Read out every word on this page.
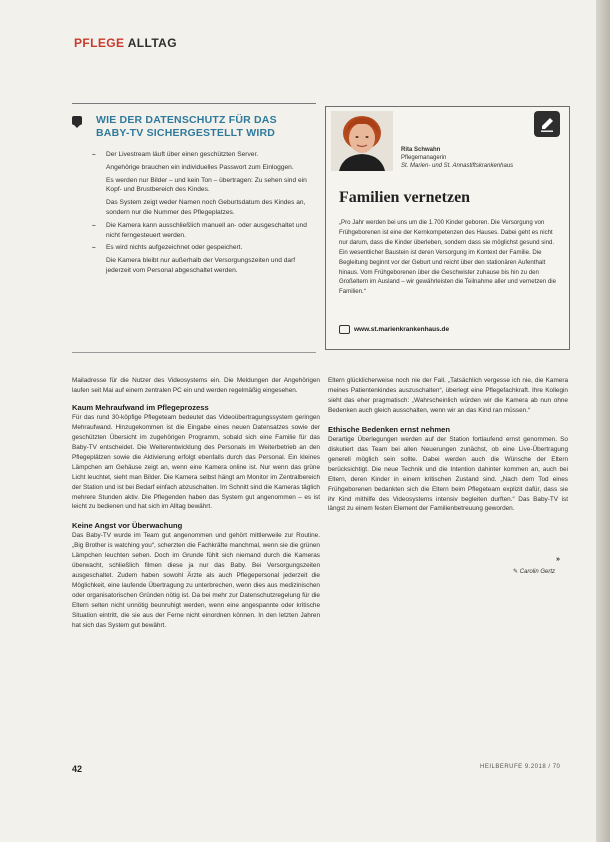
PFLEGE ALLTAG
WIE DER DATENSCHUTZ FÜR DAS
BABY-TV SICHERGESTELLT WIRD
– Der Livestream läuft über einen geschützten Server.
Angehörige brauchen ein individuelles Passwort zum Einloggen.
Es werden nur Bilder – und kein Ton – übertragen: Zu sehen sind ein Kopf- und Brustbereich des Kindes.
Das System zeigt weder Namen noch Geburtsdatum des Kindes an, sondern nur die Nummer des Pflegeplatzes.
– Die Kamera kann ausschließlich manuell an- oder ausgeschaltet und nicht ferngesteuert werden.
– Es wird nichts aufgezeichnet oder gespeichert.
Die Kamera bleibt nur außerhalb der Versorgungszeiten und darf jederzeit vom Personal abgeschaltet werden.
Rita Schwahn
Pflegemanagerin
St. Marien- und St. Annastiftskrankenhaus
Familien vernetzen

„Pro Jahr werden bei uns um die 1.700 Kinder geboren. Die Versorgung von Frühgeborenen ist eine der Kernkompetenzen des Hauses. Dabei geht es nicht nur darum, dass die Kinder überleben, sondern dass sie möglichst gesund sind. Ein wesentlicher Baustein ist deren Versorgung im Kontext der Familie. Die Begleitung beginnt vor der Geburt und reicht über den stationären Aufenthalt hinaus. Vom Frühgeborenen über die Geschwister zuhause bis hin zu den Großeltern im Ausland – wir gewährleisten die Teilnahme aller und vernetzen die Familien.“

www.st.marienkrankenhaus.de

Mailadresse für die Nutzer des Videosystems ein. Die Meldungen der Angehörigen laufen seit Mai auf einem zentralen PC ein und werden regelmäßig eingesehen.

Kaum Mehraufwand im Pflegeprozess

Für das rund 30-köpfige Pflegeteam bedeutet das Videoübertragungssystem geringen Mehraufwand. Hinzugekommen ist die Eingabe eines neuen Datensatzes sowie der geschützten Übersicht im zugehörigen Programm, sobald sich eine Familie für das Baby-TV entscheidet. Die Weiterentwicklung des Personals im Weiterbetrieb an den Pflegeplätzen sowie die Aktivierung erfolgt ebenfalls durch das Personal. Ein kleines Lämpchen am Gehäuse zeigt an, wenn eine Kamera online ist. Nur wenn das grüne Licht leuchtet, sieht man Bilder. Die Kamera selbst hängt am Monitor im Zentralbereich der Station und ist bei Bedarf einfach abzuschalten. Im Schnitt sind die Kameras täglich mehrere Stunden aktiv. Die Pflegenden haben das System gut angenommen – es ist leicht zu bedienen und hat sich im Alltag bewährt.

Keine Angst vor Überwachung

Das Baby-TV wurde im Team gut angenommen und gehört mittlerweile zur Routine. „Big Brother is watching you“, scherzten die Fachkräfte manchmal, wenn sie die grünen Lämpchen leuchten sehen. Doch im Grunde fühlt sich niemand durch die Kameras überwacht, schließlich filmen diese ja nur das Baby. Bei Versorgungszeiten ausgeschaltet. Zudem haben sowohl Ärzte als auch Pflegepersonal jederzeit die Möglichkeit, eine laufende Übertragung zu unterbrechen, wenn dies aus medizinischen oder organisatorischen Gründen nötig ist. Da bei mehr zur Datenschutzregelung für die Eltern selten nicht unnötig beunruhigt werden, wenn eine angespannte oder kritische Situation eintritt, die sie aus der Ferne nicht einordnen können. In den letzten Jahren hat sich das System gut bewährt.

Eltern glücklicherweise noch nie der Fall. „Tatsächlich vergesse ich nie, die Kamera meines Patientenkindes auszuschalten“, überlegt eine Pflegefachkraft. Ihre Kollegin sieht das eher pragmatisch: „Wahrscheinlich würden wir die Kamera ab nun ohne Bedenken auch gleich ausschalten, wenn wir an das Kind ran müssen.“

Ethische Bedenken ernst nehmen

Derartige Überlegungen werden auf der Station fortlaufend ernst genommen. So diskutiert das Team bei allen Neuerungen zunächst, ob eine Live-Übertragung generell möglich sein sollte. Dabei werden auch die Wünsche der Eltern berücksichtigt. Die neue Technik und die Intention dahinter kommen an, auch bei Eltern, deren Kinder in einem kritischen Zustand sind. „Nach dem Tod eines Frühgeborenen bedankten sich die Eltern beim Pflegeteam explizit dafür, dass sie ihr Kind mithilfe des Videosystems intensiv begleiten durften.“ Das Baby-TV ist längst zu einem festen Element der Familienbetreuung geworden.

»
✎ Carolin Gertz
42	HEILBERUFE 9.2018 / 70
